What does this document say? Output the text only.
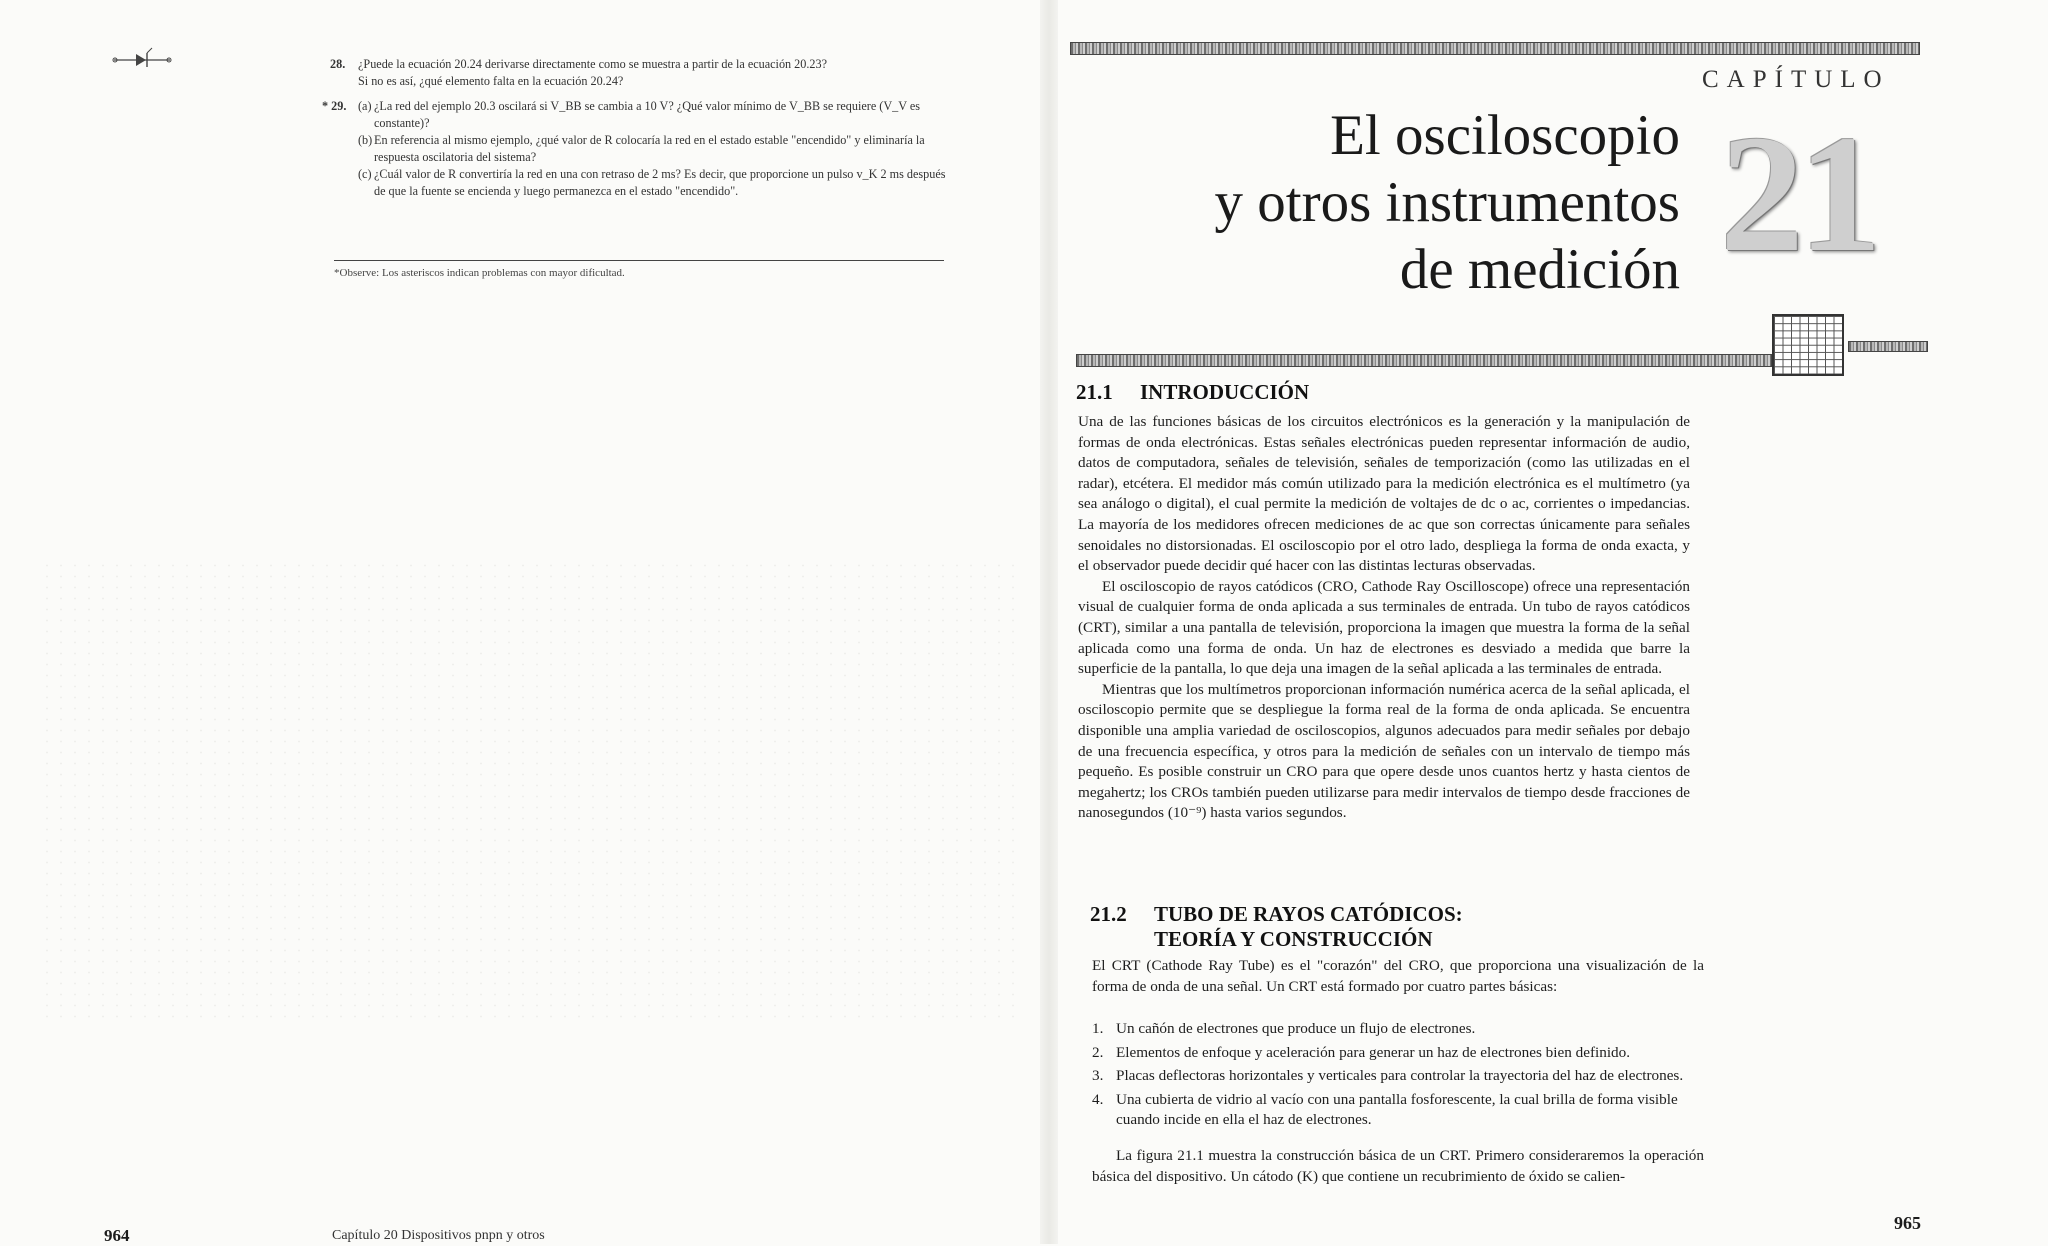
28. ¿Puede la ecuación 20.24 derivarse directamente como se muestra a partir de la ecuación 20.23?
Si no es así, ¿qué elemento falta en la ecuación 20.24?
* 29. (a) ¿La red del ejemplo 20.3 oscilará si V_BB se cambia a 10 V? ¿Qué valor mínimo de V_BB se requiere (V_V es constante)?
(b) En referencia al mismo ejemplo, ¿qué valor de R colocaría la red en el estado estable "encendido" y eliminaría la respuesta oscilatoria del sistema?
(c) ¿Cuál valor de R convertiría la red en una con retraso de 2 ms? Es decir, que proporcione un pulso v_K 2 ms después de que la fuente se encienda y luego permanezca en el estado "encendido".
*Observe: Los asteriscos indican problemas con mayor dificultad.
964	Capítulo 20 Dispositivos pnpn y otros
CAPÍTULO
El osciloscopio
y otros instrumentos
de medición 21
21.1 INTRODUCCIÓN

Una de las funciones básicas de los circuitos electrónicos es la generación y la manipulación de formas de onda electrónicas. Estas señales electrónicas pueden representar información de audio, datos de computadora, señales de televisión, señales de temporización (como las utilizadas en el radar), etcétera. El medidor más común utilizado para la medición electrónica es el multímetro (ya sea análogo o digital), el cual permite la medición de voltajes de dc o ac, corrientes o impedancias. La mayoría de los medidores ofrecen mediciones de ac que son correctas únicamente para señales senoidales no distorsionadas. El osciloscopio por el otro lado, despliega la forma de onda exacta, y el observador puede decidir qué hacer con las distintas lecturas observadas.

El osciloscopio de rayos catódicos (CRO, Cathode Ray Oscilloscope) ofrece una representación visual de cualquier forma de onda aplicada a sus terminales de entrada. Un tubo de rayos catódicos (CRT), similar a una pantalla de televisión, proporciona la imagen que muestra la forma de la señal aplicada como una forma de onda. Un haz de electrones es desviado a medida que barre la superficie de la pantalla, lo que deja una imagen de la señal aplicada a las terminales de entrada.

Mientras que los multímetros proporcionan información numérica acerca de la señal aplicada, el osciloscopio permite que se despliegue la forma real de la forma de onda aplicada. Se encuentra disponible una amplia variedad de osciloscopios, algunos adecuados para medir señales por debajo de una frecuencia específica, y otros para la medición de señales con un intervalo de tiempo más pequeño. Es posible construir un CRO para que opere desde unos cuantos hertz y hasta cientos de megahertz; los CROs también pueden utilizarse para medir intervalos de tiempo desde fracciones de nanosegundos (10⁻⁹) hasta varios segundos.

21.2 TUBO DE RAYOS CATÓDICOS:
TEORÍA Y CONSTRUCCIÓN

El CRT (Cathode Ray Tube) es el "corazón" del CRO, que proporciona una visualización de la forma de onda de una señal. Un CRT está formado por cuatro partes básicas:

1. Un cañón de electrones que produce un flujo de electrones.
2. Elementos de enfoque y aceleración para generar un haz de electrones bien definido.
3. Placas deflectoras horizontales y verticales para controlar la trayectoria del haz de electrones.
4. Una cubierta de vidrio al vacío con una pantalla fosforescente, la cual brilla de forma visible cuando incide en ella el haz de electrones.

La figura 21.1 muestra la construcción básica de un CRT. Primero consideraremos la operación básica del dispositivo. Un cátodo (K) que contiene un recubrimiento de óxido se calien-

965
